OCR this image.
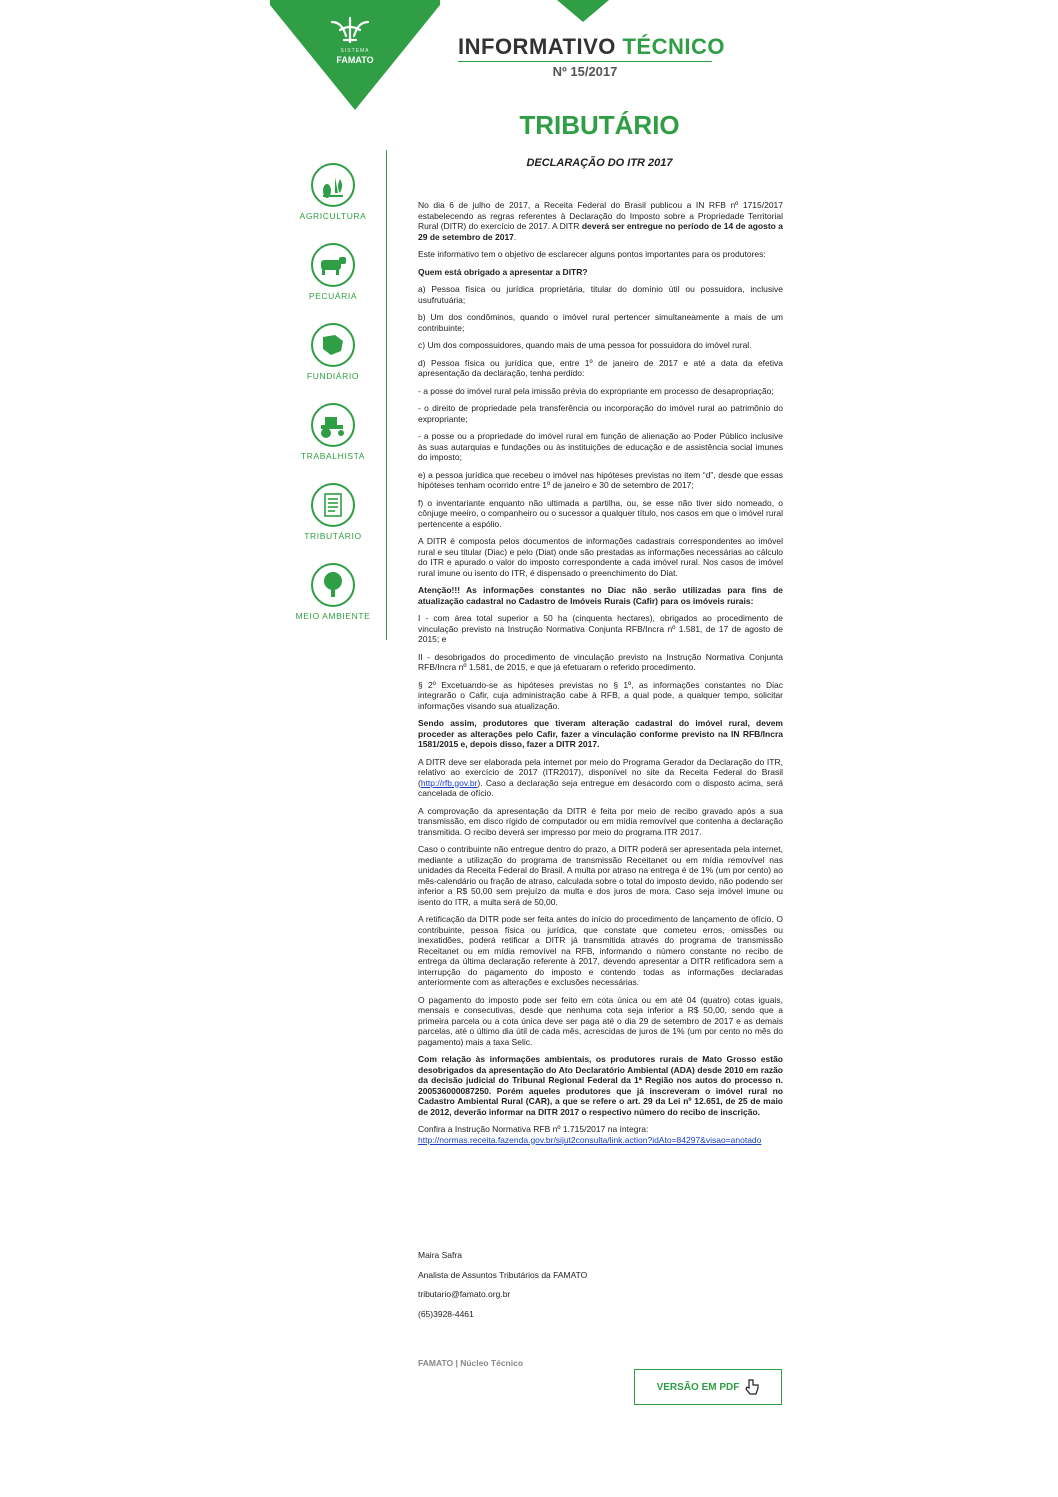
SISTEMA
FAMATO
INFORMATIVO TÉCNICO
Nº 15/2017
TRIBUTÁRIO
DECLARAÇÃO DO ITR 2017
AGRICULTURA
PECUÁRIA
FUNDIÁRIO
TRABALHISTA
TRIBUTÁRIO
MEIO AMBIENTE

No dia 6 de julho de 2017, a Receita Federal do Brasil publicou a IN RFB nº 1715/2017 estabelecendo as regras referentes à Declaração do Imposto sobre a Propriedade Territorial Rural (DITR) do exercício de 2017. A DITR deverá ser entregue no período de 14 de agosto a 29 de setembro de 2017.

Este informativo tem o objetivo de esclarecer alguns pontos importantes para os produtores:

Quem está obrigado a apresentar a DITR?

a) Pessoa física ou jurídica proprietária, titular do domínio útil ou possuidora, inclusive usufrutuária;

b) Um dos condôminos, quando o imóvel rural pertencer simultaneamente a mais de um contribuinte;

c) Um dos compossuidores, quando mais de uma pessoa for possuidora do imóvel rural.

d) Pessoa física ou jurídica que, entre 1º de janeiro de 2017 e até a data da efetiva apresentação da declaração, tenha perdido:

- a posse do imóvel rural pela imissão prévia do expropriante em processo de desapropriação;

- o direito de propriedade pela transferência ou incorporação do imóvel rural ao patrimônio do expropriante;

- a posse ou a propriedade do imóvel rural em função de alienação ao Poder Público inclusive às suas autarquias e fundações ou às instituições de educação e de assistência social imunes do imposto;

e) a pessoa jurídica que recebeu o imóvel nas hipóteses previstas no item “d”, desde que essas hipóteses tenham ocorrido entre 1º de janeiro e 30 de setembro de 2017;

f) o inventariante enquanto não ultimada a partilha, ou, se esse não tiver sido nomeado, o cônjuge meeiro, o companheiro ou o sucessor a qualquer título, nos casos em que o imóvel rural pertencente a espólio.

A DITR é composta pelos documentos de informações cadastrais correspondentes ao imóvel rural e seu titular (Diac) e pelo (Diat) onde são prestadas as informações necessárias ao cálculo do ITR e apurado o valor do imposto correspondente a cada imóvel rural. Nos casos de imóvel rural imune ou isento do ITR, é dispensado o preenchimento do Diat.

Atenção!!! As informações constantes no Diac não serão utilizadas para fins de atualização cadastral no Cadastro de Imóveis Rurais (Cafir) para os imóveis rurais:

I - com área total superior a 50 ha (cinquenta hectares), obrigados ao procedimento de vinculação previsto na Instrução Normativa Conjunta RFB/Incra nº 1.581, de 17 de agosto de 2015; e

II - desobrigados do procedimento de vinculação previsto na Instrução Normativa Conjunta RFB/Incra nº 1.581, de 2015, e que já efetuaram o referido procedimento.

§ 2º Excetuando-se as hipóteses previstas no § 1º, as informações constantes no Diac integrarão o Cafir, cuja administração cabe à RFB, a qual pode, a qualquer tempo, solicitar informações visando sua atualização.

Sendo assim, produtores que tiveram alteração cadastral do imóvel rural, devem proceder as alterações pelo Cafir, fazer a vinculação conforme previsto na IN RFB/Incra 1581/2015 e, depois disso, fazer a DITR 2017.

A DITR deve ser elaborada pela internet por meio do Programa Gerador da Declaração do ITR, relativo ao exercício de 2017 (ITR2017), disponível no site da Receita Federal do Brasil (http://rfb.gov.br). Caso a declaração seja entregue em desacordo com o disposto acima, será cancelada de ofício.

A comprovação da apresentação da DITR é feita por meio de recibo gravado após a sua transmissão, em disco rígido de computador ou em mídia removível que contenha a declaração transmitida. O recibo deverá ser impresso por meio do programa ITR 2017.

Caso o contribuinte não entregue dentro do prazo, a DITR poderá ser apresentada pela internet, mediante a utilização do programa de transmissão Receitanet ou em mídia removível nas unidades da Receita Federal do Brasil. A multa por atraso na entrega é de 1% (um por cento) ao mês-calendário ou fração de atraso, calculada sobre o total do imposto devido, não podendo ser inferior a R$ 50,00 sem prejuízo da multa e dos juros de mora. Caso seja imóvel imune ou isento do ITR, a multa será de 50,00.

A retificação da DITR pode ser feita antes do início do procedimento de lançamento de ofício. O contribuinte, pessoa física ou jurídica, que constate que cometeu erros, omissões ou inexatidões, poderá retificar a DITR já transmitida através do programa de transmissão Receitanet ou em mídia removível na RFB, informando o número constante no recibo de entrega da última declaração referente à 2017, devendo apresentar a DITR retificadora sem a interrupção do pagamento do imposto e contendo todas as informações declaradas anteriormente com as alterações e exclusões necessárias.

O pagamento do imposto pode ser feito em cota única ou em até 04 (quatro) cotas iguais, mensais e consecutivas, desde que nenhuma cota seja inferior a R$ 50,00, sendo que a primeira parcela ou a cota única deve ser paga até o dia 29 de setembro de 2017 e as demais parcelas, até o último dia útil de cada mês, acrescidas de juros de 1% (um por cento no mês do pagamento) mais a taxa Selic.

Com relação às informações ambientais, os produtores rurais de Mato Grosso estão desobrigados da apresentação do Ato Declaratório Ambiental (ADA) desde 2010 em razão da decisão judicial do Tribunal Regional Federal da 1ª Região nos autos do processo n. 200536000087250. Porém aqueles produtores que já inscreveram o imóvel rural no Cadastro Ambiental Rural (CAR), a que se refere o art. 29 da Lei nº 12.651, de 25 de maio de 2012, deverão informar na DITR 2017 o respectivo número do recibo de inscrição.

Confira a Instrução Normativa RFB nº 1.715/2017 na íntegra:
http://normas.receita.fazenda.gov.br/sijut2consulta/link.action?idAto=84297&visao=anotado

Maira Safra

Analista de Assuntos Tributários da FAMATO

tributario@famato.org.br

(65)3928-4461

FAMATO | Núcleo Técnico
VERSÃO EM PDF
